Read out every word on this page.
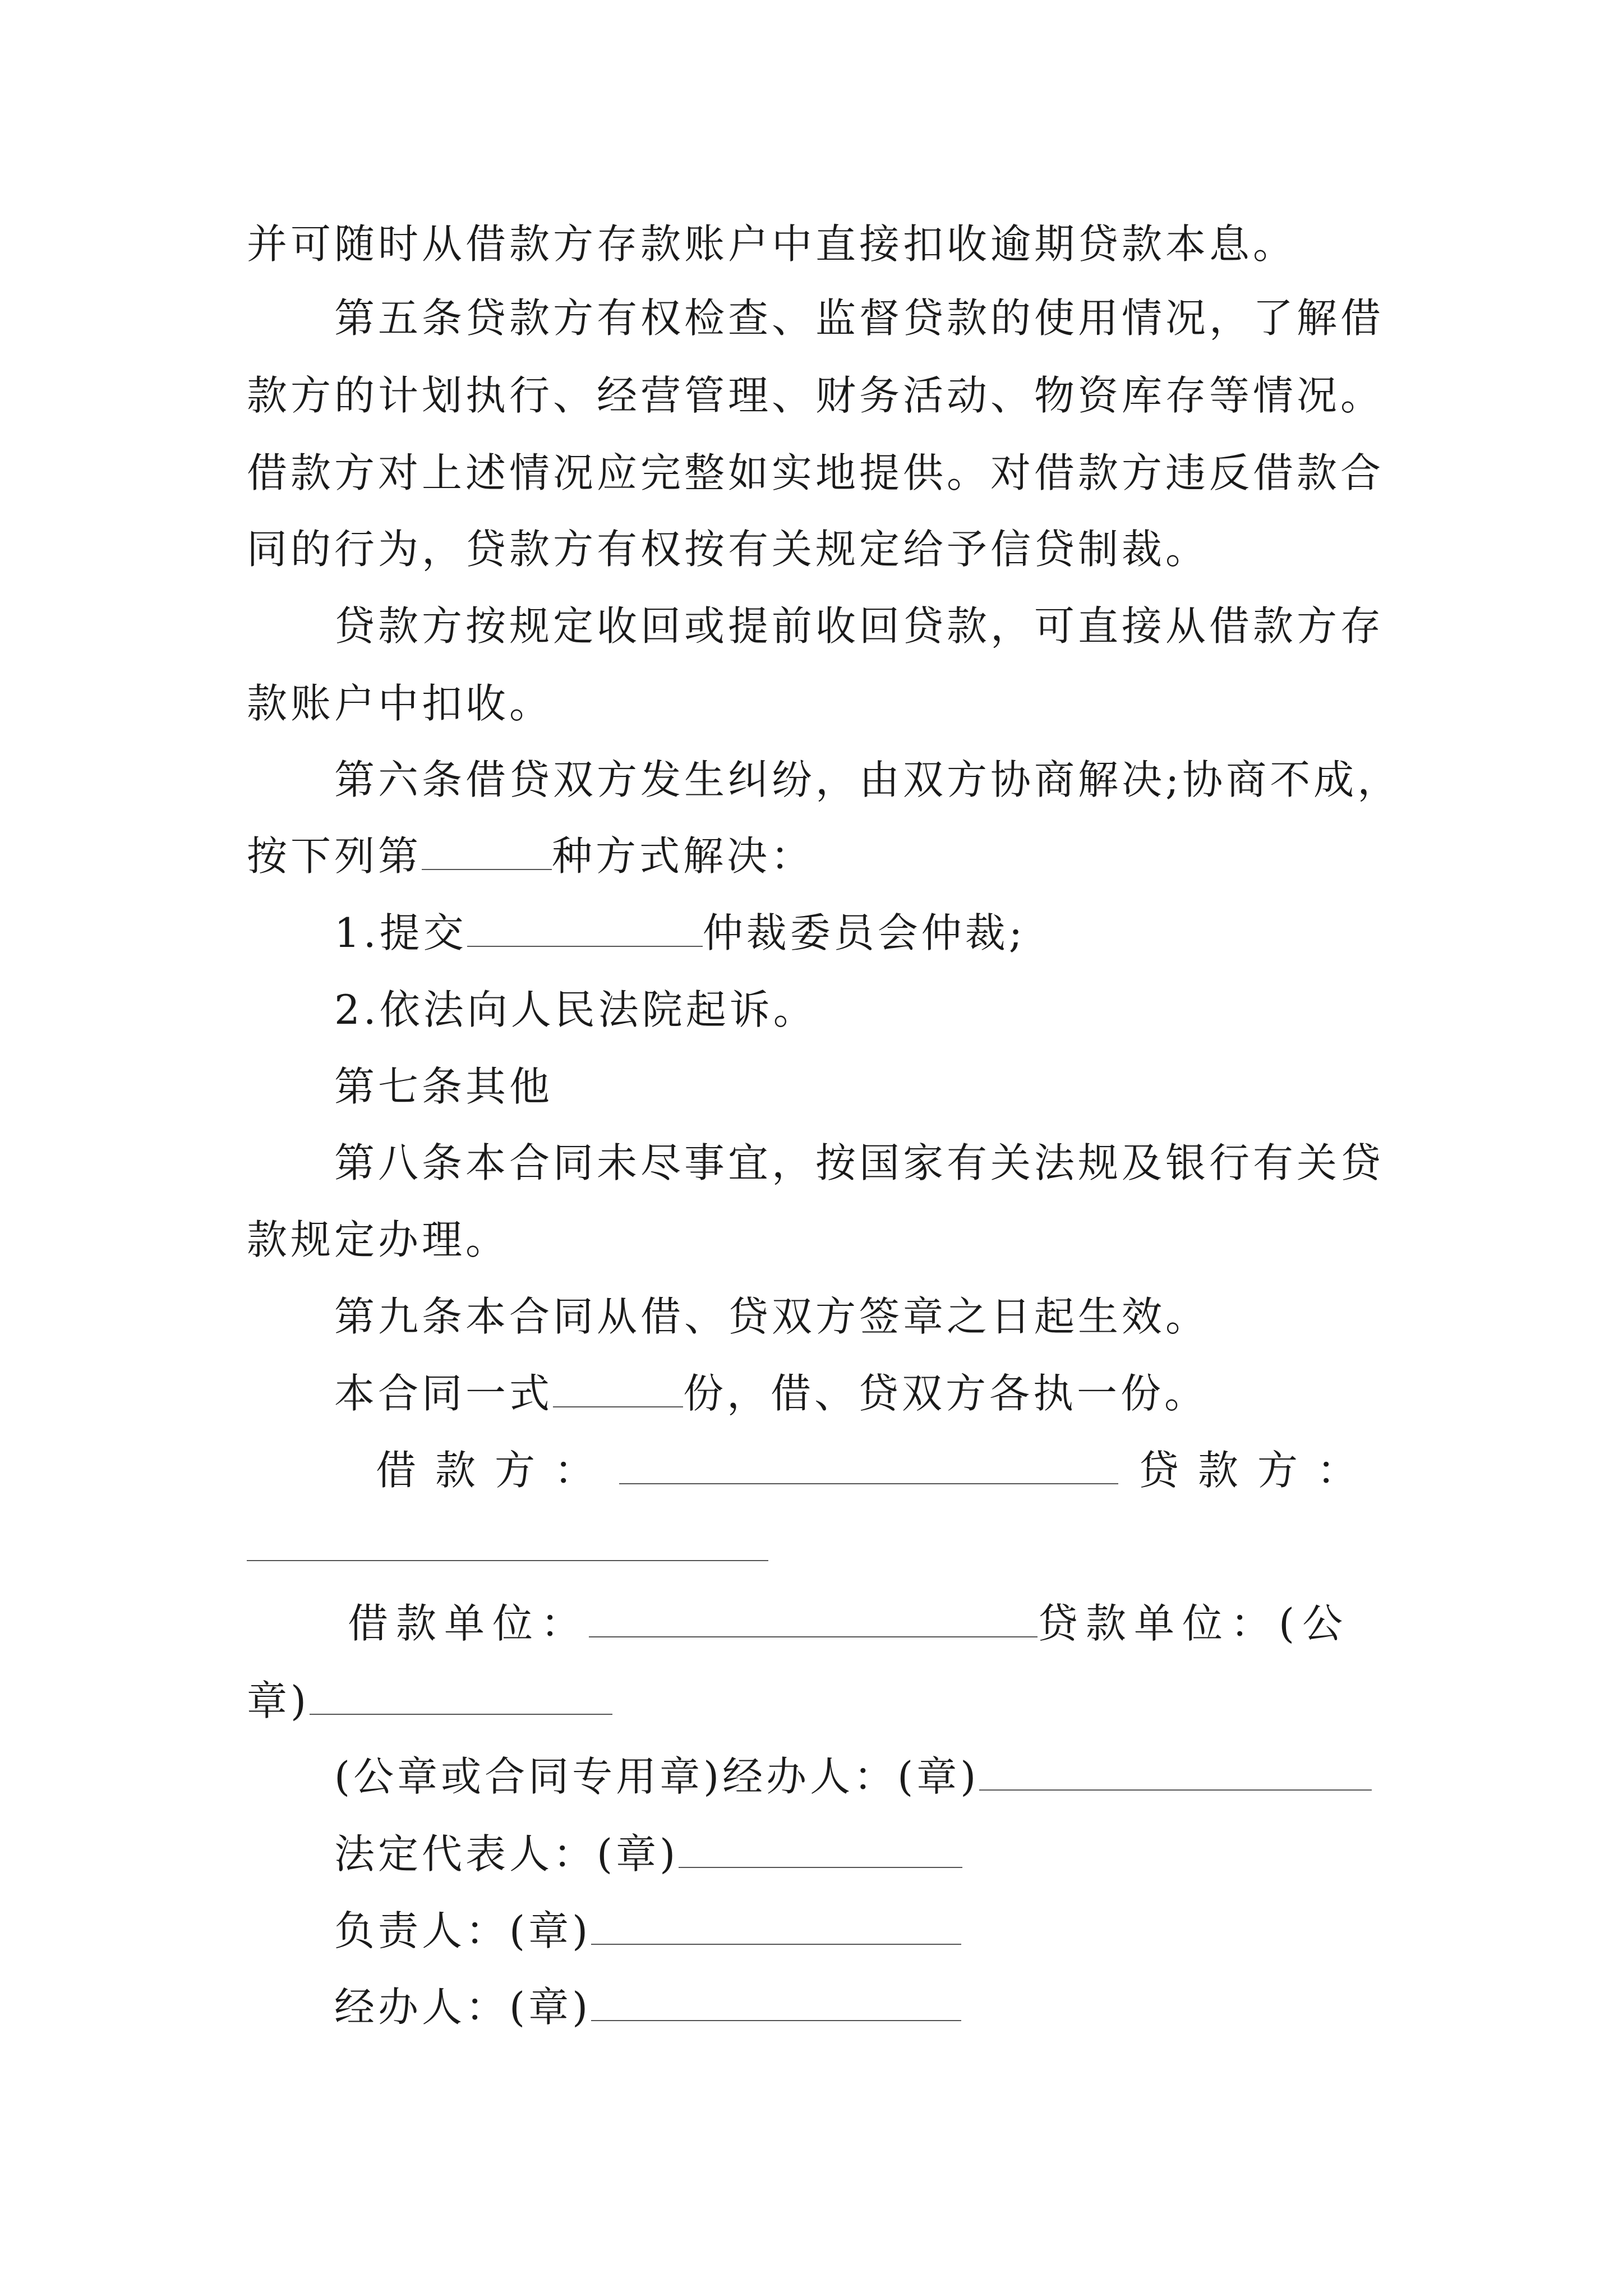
并可随时从借款方存款账户中直接扣收逾期贷款本息。
第五条贷款方有权检查、监督贷款的使用情况，了解借
款方的计划执行、经营管理、财务活动、物资库存等情况。
借款方对上述情况应完整如实地提供。对借款方违反借款合
同的行为，贷款方有权按有关规定给予信贷制裁。
贷款方按规定收回或提前收回贷款，可直接从借款方存
款账户中扣收。
第六条借贷双方发生纠纷，由双方协商解决;协商不成，
按下列第	种方式解决：
1.提交	仲裁委员会仲裁;
2.依法向人民法院起诉。
第七条其他
第八条本合同未尽事宜，按国家有关法规及银行有关贷
款规定办理。
第九条本合同从借、贷双方签章之日起生效。
本合同一式	份，借、贷双方各执一份。
借款方：	贷款方：
借款单位：	贷款单位：(公
章)
(公章或合同专用章)经办人：(章)
法定代表人：(章)
负责人：(章)
经办人：(章)
